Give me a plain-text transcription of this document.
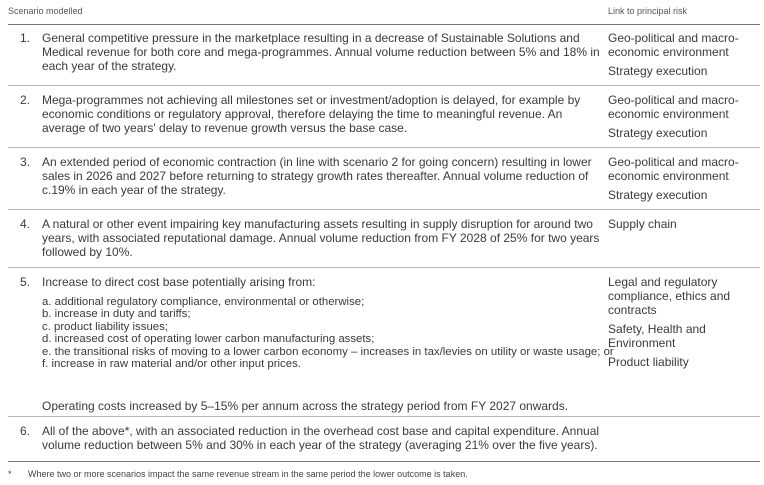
Scenario modelled	Link to principal risk
1. General competitive pressure in the marketplace resulting in a decrease of Sustainable Solutions and Medical revenue for both core and mega-programmes. Annual volume reduction between 5% and 18% in each year of the strategy.
Geo-political and macro-economic environment
Strategy execution
2. Mega-programmes not achieving all milestones set or investment/adoption is delayed, for example by economic conditions or regulatory approval, therefore delaying the time to meaningful revenue. An average of two years' delay to revenue growth versus the base case.
Geo-political and macro-economic environment
Strategy execution
3. An extended period of economic contraction (in line with scenario 2 for going concern) resulting in lower sales in 2026 and 2027 before returning to strategy growth rates thereafter. Annual volume reduction of c.19% in each year of the strategy.
Geo-political and macro-economic environment
Strategy execution
4. A natural or other event impairing key manufacturing assets resulting in supply disruption for around two years, with associated reputational damage. Annual volume reduction from FY 2028 of 25% for two years followed by 10%.
Supply chain
5. Increase to direct cost base potentially arising from:
a. additional regulatory compliance, environmental or otherwise;
b. increase in duty and tariffs;
c. product liability issues;
d. increased cost of operating lower carbon manufacturing assets;
e. the transitional risks of moving to a lower carbon economy – increases in tax/levies on utility or waste usage; or
f. increase in raw material and/or other input prices.
Operating costs increased by 5–15% per annum across the strategy period from FY 2027 onwards.
Legal and regulatory compliance, ethics and contracts
Safety, Health and Environment
Product liability
6. All of the above*, with an associated reduction in the overhead cost base and capital expenditure. Annual volume reduction between 5% and 30% in each year of the strategy (averaging 21% over the five years).
* Where two or more scenarios impact the same revenue stream in the same period the lower outcome is taken.
